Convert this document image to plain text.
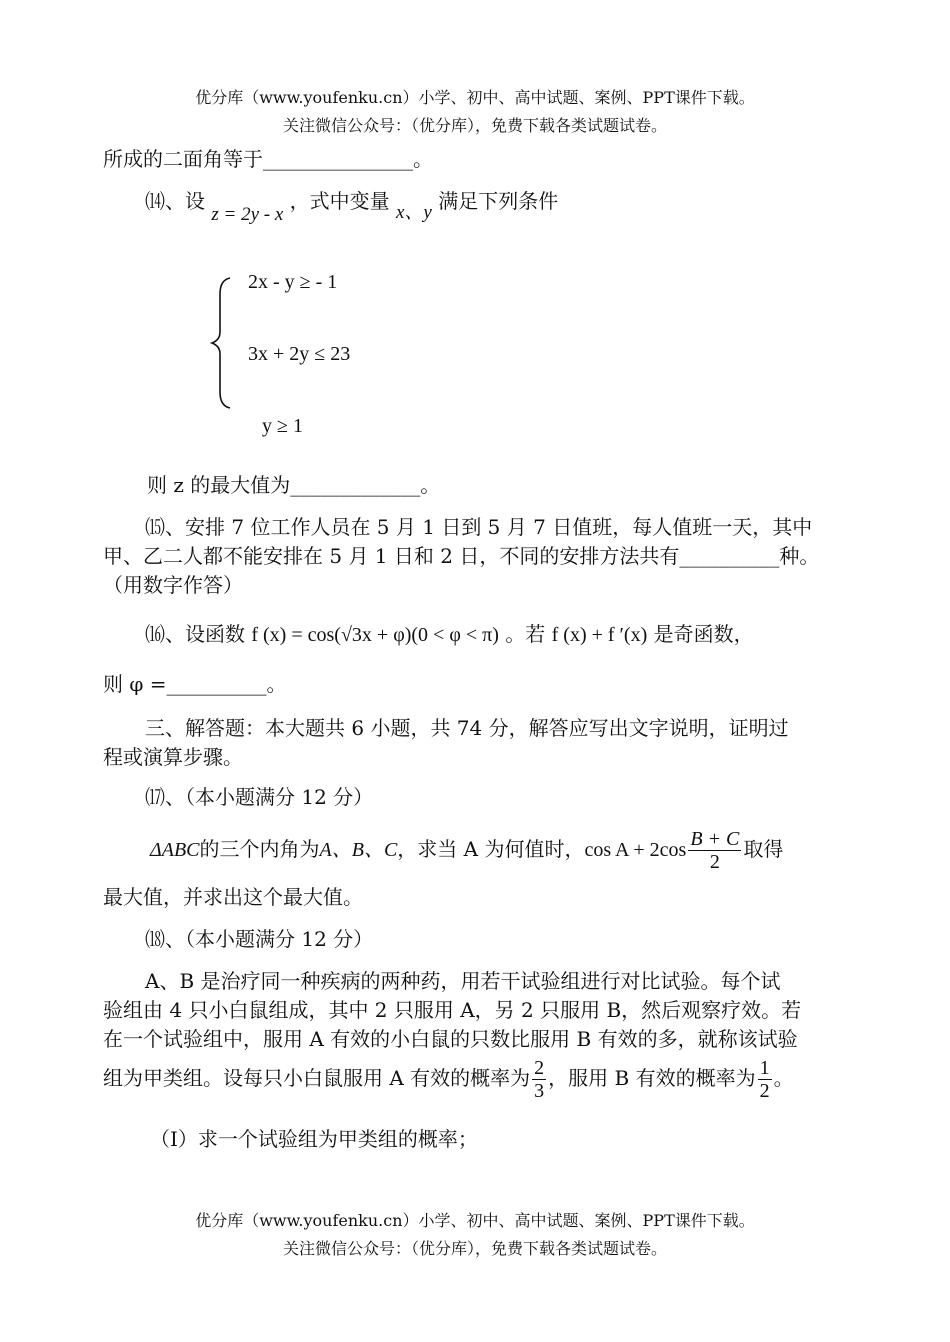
优分库（www.youfenku.cn）小学、初中、高中试题、案例、PPT课件下载。
关注微信公众号：（优分库），免费下载各类试题试卷。
所成的二面角等于_______________。
⒁、设 z = 2y - x ，式中变量 x、y 满足下列条件
2x - y ≥ - 1
3x + 2y ≤ 23
y ≥ 1
则 z 的最大值为_____________。
⒂、安排 7 位工作人员在 5 月 1 日到 5 月 7 日值班，每人值班一天，其中
甲、乙二人都不能安排在 5 月 1 日和 2 日，不同的安排方法共有__________种。
（用数字作答）
⒃、设函数 f (x) = cos(√3x + φ)(0 < φ < π) 。若 f (x) + f ′(x) 是奇函数，
则 φ =__________。
三、解答题：本大题共 6 小题，共 74 分，解答应写出文字说明，证明过
程或演算步骤。
⒄、（本小题满分 12 分）
ΔABC的三个内角为A、B、C，求当 A 为何值时，$\cos A + 2\cos \frac{B + C}{2}$ 取得
最大值，并求出这个最大值。
⒅、（本小题满分 12 分）
A、B 是治疗同一种疾病的两种药，用若干试验组进行对比试验。每个试
验组由 4 只小白鼠组成，其中 2 只服用 A，另 2 只服用 B，然后观察疗效。若
在一个试验组中，服用 A 有效的小白鼠的只数比服用 B 有效的多，就称该试验
组为甲类组。设每只小白鼠服用 A 有效的概率为 $\frac{2}{3}$ ，服用 B 有效的概率为 $\frac{1}{2}$ 。
（Ⅰ）求一个试验组为甲类组的概率；
优分库（www.youfenku.cn）小学、初中、高中试题、案例、PPT课件下载。
关注微信公众号：（优分库），免费下载各类试题试卷。
